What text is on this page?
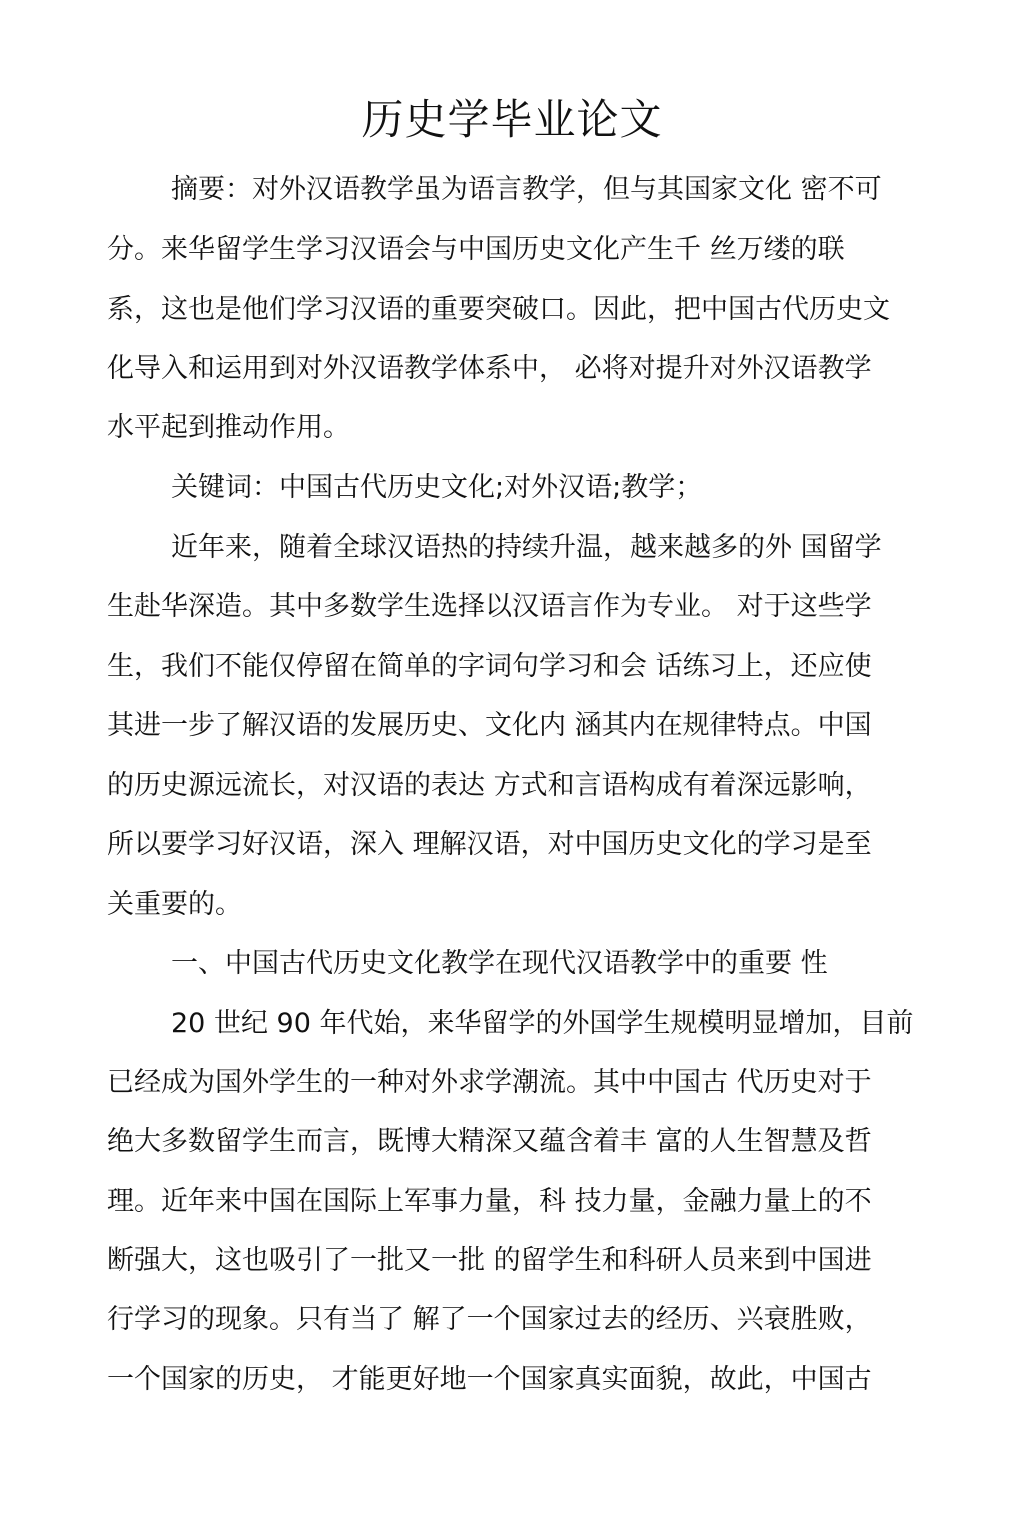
历史学毕业论文
摘要：对外汉语教学虽为语言教学，但与其国家文化 密不可
分。来华留学生学习汉语会与中国历史文化产生千 丝万缕的联
系，这也是他们学习汉语的重要突破口。因此，把中国古代历史文
化导入和运用到对外汉语教学体系中， 必将对提升对外汉语教学
水平起到推动作用。
关键词：中国古代历史文化;对外汉语;教学；
近年来，随着全球汉语热的持续升温，越来越多的外 国留学
生赴华深造。其中多数学生选择以汉语言作为专业。 对于这些学
生，我们不能仅停留在简单的字词句学习和会 话练习上，还应使
其进一步了解汉语的发展历史、文化内 涵其内在规律特点。中国
的历史源远流长，对汉语的表达 方式和言语构成有着深远影响，
所以要学习好汉语，深入 理解汉语，对中国历史文化的学习是至
关重要的。
一、中国古代历史文化教学在现代汉语教学中的重要 性
20 世纪 90 年代始，来华留学的外国学生规模明显增加，目前
已经成为国外学生的一种对外求学潮流。其中中国古 代历史对于
绝大多数留学生而言，既博大精深又蕴含着丰 富的人生智慧及哲
理。近年来中国在国际上军事力量，科 技力量，金融力量上的不
断强大，这也吸引了一批又一批 的留学生和科研人员来到中国进
行学习的现象。只有当了 解了一个国家过去的经历、兴衰胜败，
一个国家的历史， 才能更好地一个国家真实面貌，故此，中国古
